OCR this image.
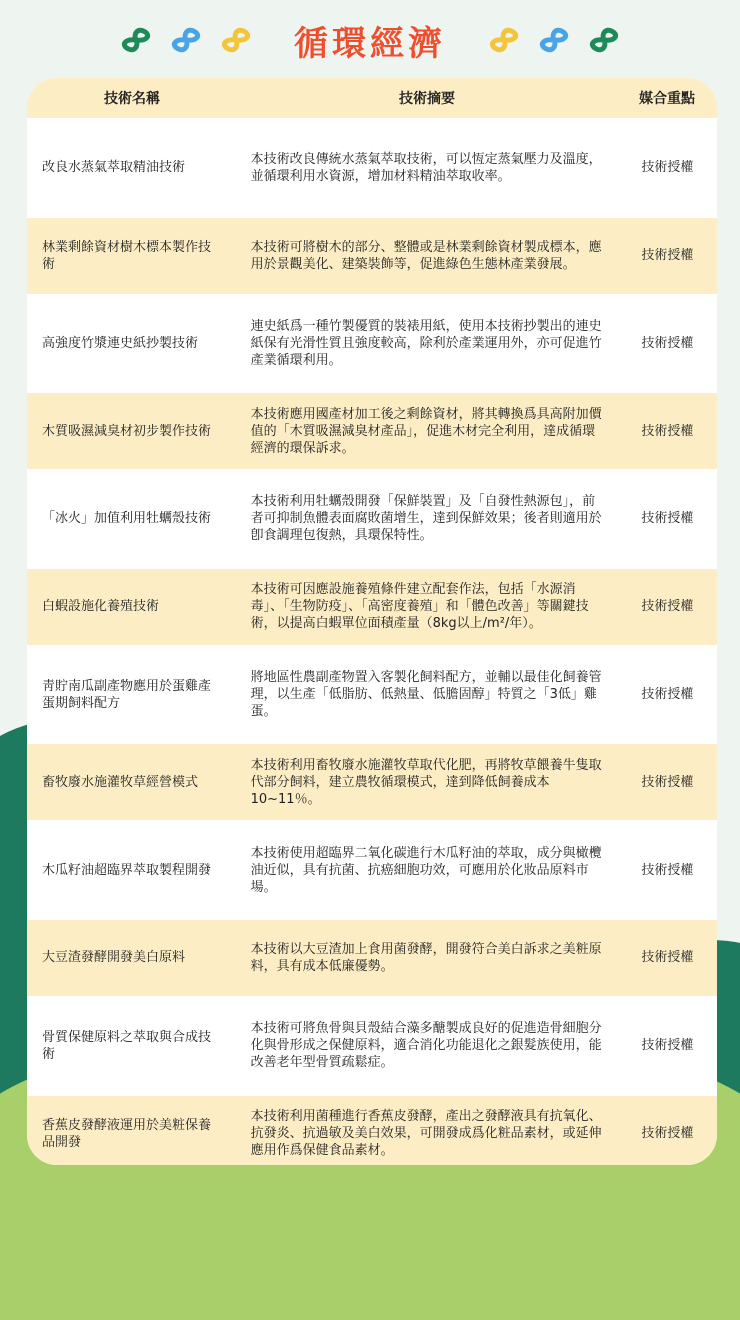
循環經濟
技術名稱	技術摘要	媒合重點
改良水蒸氣萃取精油技術
本技術改良傳統水蒸氣萃取技術，可以恆定蒸氣壓力及溫度，並循環利用水資源，增加材料精油萃取收率。
技術授權
林業剩餘資材樹木標本製作技術
本技術可將樹木的部分、整體或是林業剩餘資材製成標本，應用於景觀美化、建築裝飾等，促進綠色生態林產業發展。
技術授權
高強度竹漿連史紙抄製技術
連史紙爲一種竹製優質的裝裱用紙，使用本技術抄製出的連史紙保有光滑性質且強度較高，除利於產業運用外，亦可促進竹產業循環利用。
技術授權
木質吸濕減臭材初步製作技術
本技術應用國產材加工後之剩餘資材，將其轉換爲具高附加價值的「木質吸濕減臭材產品」，促進木材完全利用，達成循環經濟的環保訴求。
技術授權
「冰火」加值利用牡蠣殼技術
本技術利用牡蠣殼開發「保鮮裝置」及「自發性熱源包」，前者可抑制魚體表面腐敗菌增生，達到保鮮效果；後者則適用於卽食調理包復熱，具環保特性。
技術授權
白蝦設施化養殖技術
本技術可因應設施養殖條件建立配套作法，包括「水源消毒」、「生物防疫」、「高密度養殖」和「體色改善」等關鍵技術，以提高白蝦單位面積產量（8kg以上/m²/年）。
技術授權
靑貯南瓜副產物應用於蛋雞產蛋期飼料配方
將地區性農副產物置入客製化飼料配方，並輔以最佳化飼養管理，以生產「低脂肪、低熱量、低膽固醇」特質之「3低」雞蛋。
技術授權
畜牧廢水施灌牧草經營模式
本技術利用畜牧廢水施灌牧草取代化肥，再將牧草餵養牛隻取代部分飼料，建立農牧循環模式，達到降低飼養成本10~11％。
技術授權
木瓜籽油超臨界萃取製程開發
本技術使用超臨界二氧化碳進行木瓜籽油的萃取，成分與橄欖油近似，具有抗菌、抗癌細胞功效，可應用於化妝品原料市場。
技術授權
大豆渣發酵開發美白原料
本技術以大豆渣加上食用菌發酵，開發符合美白訴求之美粧原料，具有成本低廉優勢。
技術授權
骨質保健原料之萃取與合成技術
本技術可將魚骨與貝殼結合藻多醣製成良好的促進造骨細胞分化與骨形成之保健原料，適合消化功能退化之銀髮族使用，能改善老年型骨質疏鬆症。
技術授權
香蕉皮發酵液運用於美粧保養品開發
本技術利用菌種進行香蕉皮發酵，產出之發酵液具有抗氧化、抗發炎、抗過敏及美白效果，可開發成爲化粧品素材，或延伸應用作爲保健食品素材。
技術授權
